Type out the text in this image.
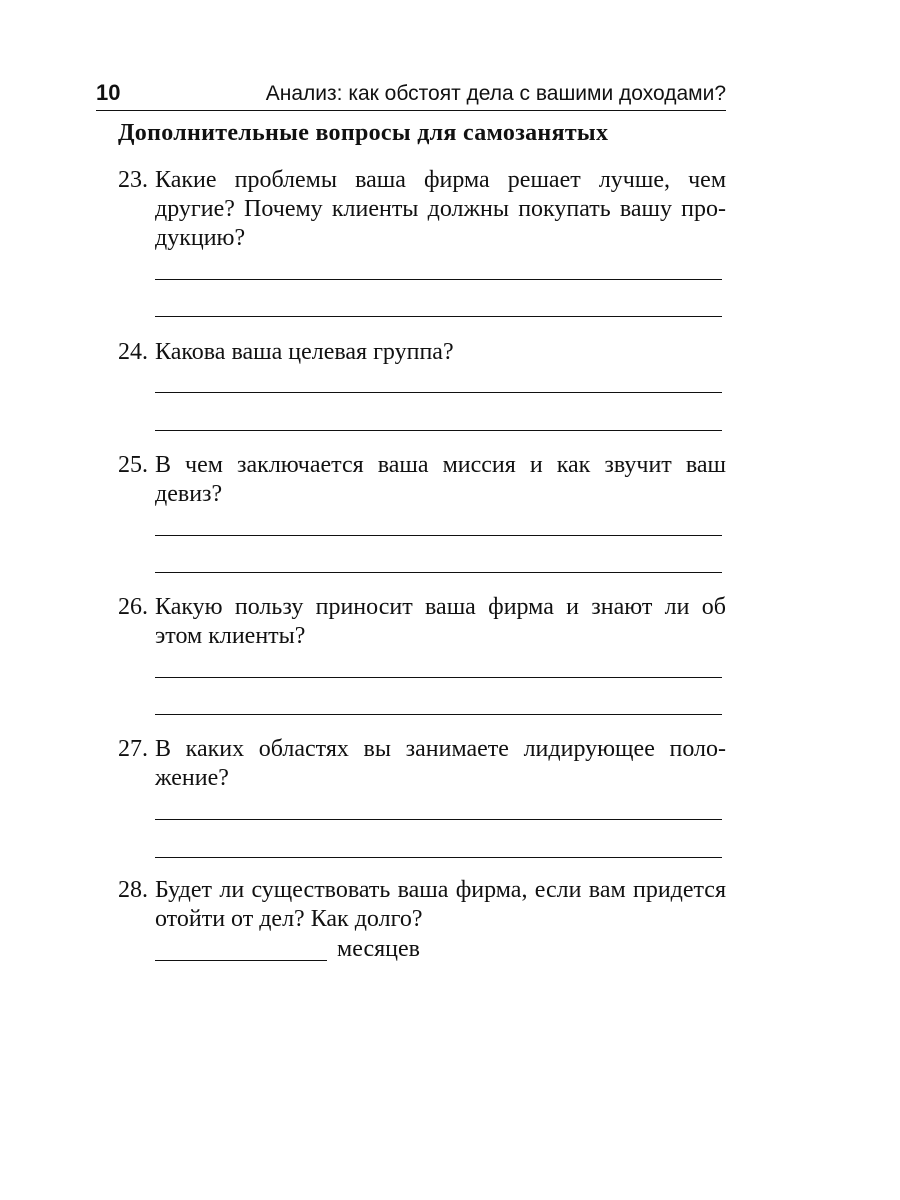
10	Анализ: как обстоят дела с вашими доходами?
Дополнительные вопросы для самозанятых
23. Какие проблемы ваша фирма решает лучше, чем другие? Почему клиенты должны покупать вашу продукцию?
24. Какова ваша целевая группа?
25. В чем заключается ваша миссия и как звучит ваш девиз?
26. Какую пользу приносит ваша фирма и знают ли об этом клиенты?
27. В каких областях вы занимаете лидирующее положение?
28. Будет ли существовать ваша фирма, если вам придется отойти от дел? Как долго?
месяцев
